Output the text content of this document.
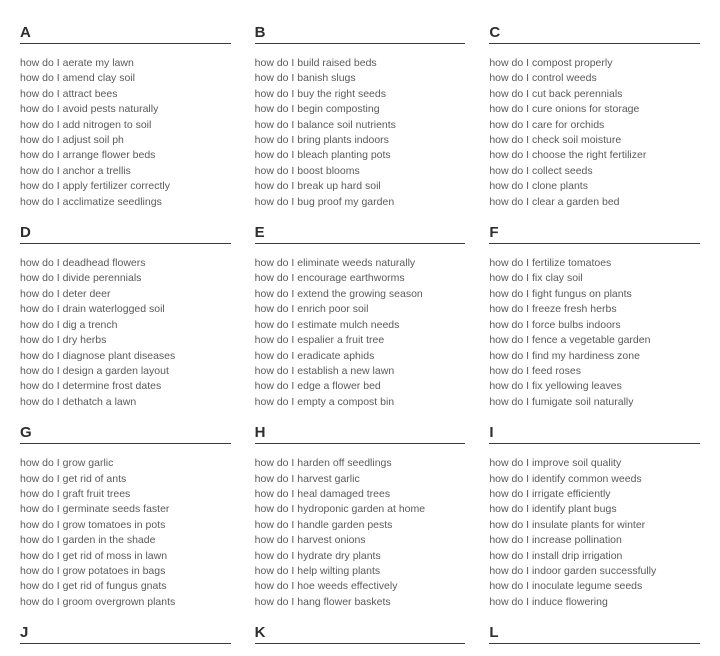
A
how do I aerate my lawn
how do I amend clay soil
how do I attract bees
how do I avoid pests naturally
how do I add nitrogen to soil
how do I adjust soil ph
how do I arrange flower beds
how do I anchor a trellis
how do I apply fertilizer correctly
how do I acclimatize seedlings
B
how do I build raised beds
how do I banish slugs
how do I buy the right seeds
how do I begin composting
how do I balance soil nutrients
how do I bring plants indoors
how do I bleach planting pots
how do I boost blooms
how do I break up hard soil
how do I bug proof my garden
C
how do I compost properly
how do I control weeds
how do I cut back perennials
how do I cure onions for storage
how do I care for orchids
how do I check soil moisture
how do I choose the right fertilizer
how do I collect seeds
how do I clone plants
how do I clear a garden bed
D
how do I deadhead flowers
how do I divide perennials
how do I deter deer
how do I drain waterlogged soil
how do I dig a trench
how do I dry herbs
how do I diagnose plant diseases
how do I design a garden layout
how do I determine frost dates
how do I dethatch a lawn
E
how do I eliminate weeds naturally
how do I encourage earthworms
how do I extend the growing season
how do I enrich poor soil
how do I estimate mulch needs
how do I espalier a fruit tree
how do I eradicate aphids
how do I establish a new lawn
how do I edge a flower bed
how do I empty a compost bin
F
how do I fertilize tomatoes
how do I fix clay soil
how do I fight fungus on plants
how do I freeze fresh herbs
how do I force bulbs indoors
how do I fence a vegetable garden
how do I find my hardiness zone
how do I feed roses
how do I fix yellowing leaves
how do I fumigate soil naturally
G
how do I grow garlic
how do I get rid of ants
how do I graft fruit trees
how do I germinate seeds faster
how do I grow tomatoes in pots
how do I garden in the shade
how do I get rid of moss in lawn
how do I grow potatoes in bags
how do I get rid of fungus gnats
how do I groom overgrown plants
H
how do I harden off seedlings
how do I harvest garlic
how do I heal damaged trees
how do I hydroponic garden at home
how do I handle garden pests
how do I harvest onions
how do I hydrate dry plants
how do I help wilting plants
how do I hoe weeds effectively
how do I hang flower baskets
I
how do I improve soil quality
how do I identify common weeds
how do I irrigate efficiently
how do I identify plant bugs
how do I insulate plants for winter
how do I increase pollination
how do I install drip irrigation
how do I indoor garden successfully
how do I inoculate legume seeds
how do I induce flowering
J	K	L
